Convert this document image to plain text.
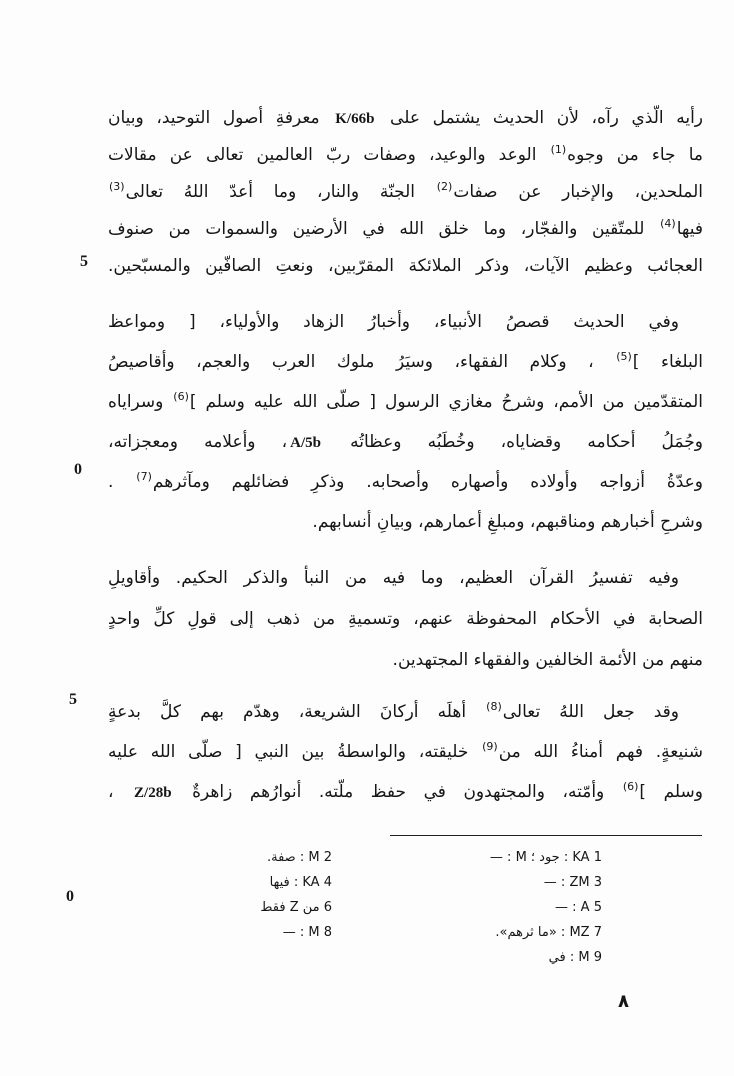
رأيه الّذي رآه، لأن الحديث يشتمل على K/66b معرفةِ أصول التوحيد، وبيان
ما جاء من وجوه$^{(1)}$ الوعد والوعيد، وصفات ربّ العالمين تعالى عن مقالات
الملحدين، والإخبار عن صفات$^{(2)}$ الجنّة والنار، وما أعدّ اللهُ تعالى$^{(3)}$
فيها$^{(4)}$ للمتّقين والفجّار، وما خلق الله في الأرضين والسموات من صنوف
العجائب وعظيم الآيات، وذكر الملائكة المقرّبين، ونعتِ الصافّين والمسبّحين.
وفي الحديث قصصُ الأنبياء، وأخبارُ الزهاد والأولياء، [ ومواعظ
البلغاء ]$^{(5)}$ ، وكلام الفقهاء، وسيَرُ ملوك العرب والعجم، وأقاصيصُ
المتقدّمين من الأمم، وشرحُ مغازي الرسول [ صلّى الله عليه وسلم ]$^{(6)}$ وسراياه
وجُمَلُ أحكامه وقضاياه، وخُطَبُه وعظاتُه A/5b، وأعلامه ومعجزاته،
وعدّةُ أزواجه وأولاده وأصهاره وأصحابه. وذكرِ فضائلهم ومآثرهم$^{(7)}$ .
وشرحِ أخبارهم ومناقبهم، ومبلغِ أعمارهم، وبيانِ أنسابهم.
وفيه تفسيرُ القرآن العظيم، وما فيه من النبأ والذكر الحكيم. وأقاويلِ
الصحابة في الأحكام المحفوظة عنهم، وتسميةِ من ذهب إلى قولِ كلِّ واحدٍ
منهم من الأئمة الخالفين والفقهاء المجتهدين.
وقد جعل اللهُ تعالى$^{(8)}$ أهلَه أركانَ الشريعة، وهدّم بهم كلَّ بدعةٍ
شنيعةٍ. فهم أمناءُ الله من$^{(9)}$ خليقته، والواسطةُ بين النبي [ صلّى الله عليه
وسلم ]$^{(6)}$ وأمّته، والمجتهدون في حفظ ملّته. أنوارُهم زاهرةٌ Z/28b ،
5
0
5
0
1 KA : جود ؛ M : —
3 ZM : —
5 A : —
7 MZ : «ما ثرهم».
9 M : في
2 M : صفة.
4 KA : فيها
6 من Z فقط
8 M : —
٨
